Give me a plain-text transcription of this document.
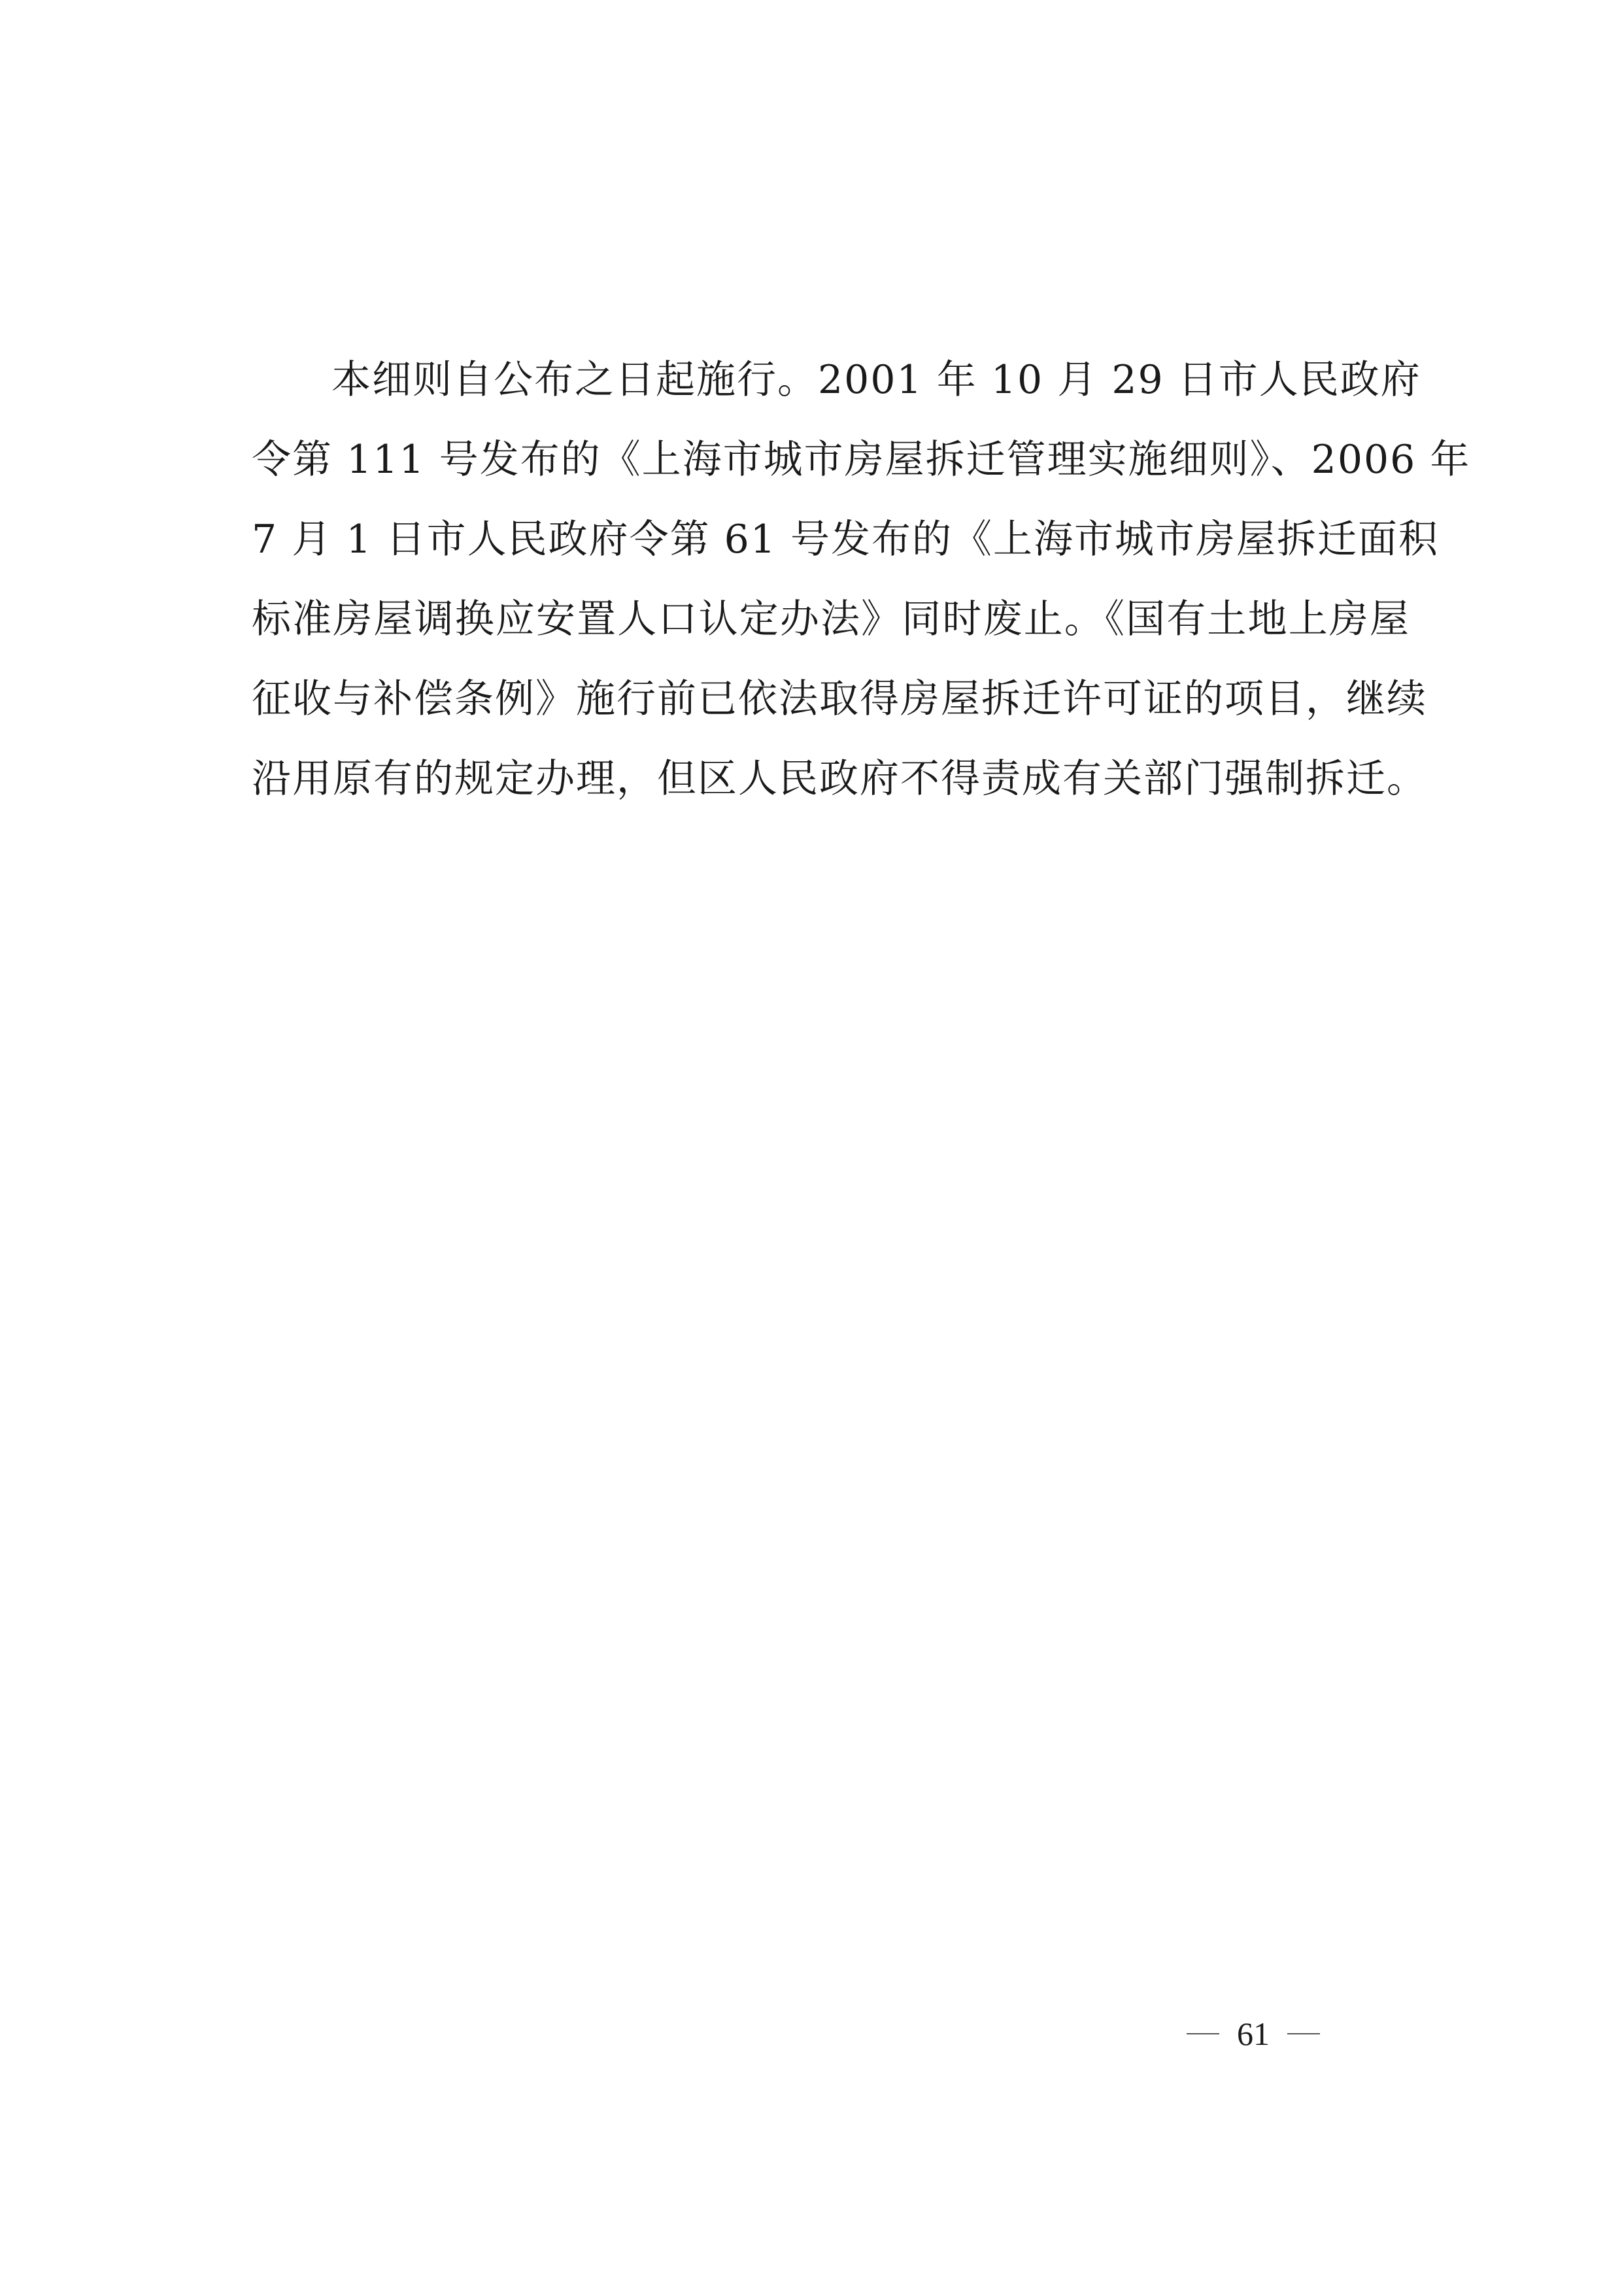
本细则自公布之日起施行。2001 年 10 月 29 日市人民政府
令第 111 号发布的《上海市城市房屋拆迁管理实施细则》、2006 年
7 月 1 日市人民政府令第 61 号发布的《上海市城市房屋拆迁面积
标准房屋调换应安置人口认定办法》同时废止。《国有土地上房屋
征收与补偿条例》施行前已依法取得房屋拆迁许可证的项目，继续
沿用原有的规定办理，但区人民政府不得责成有关部门强制拆迁。
61
